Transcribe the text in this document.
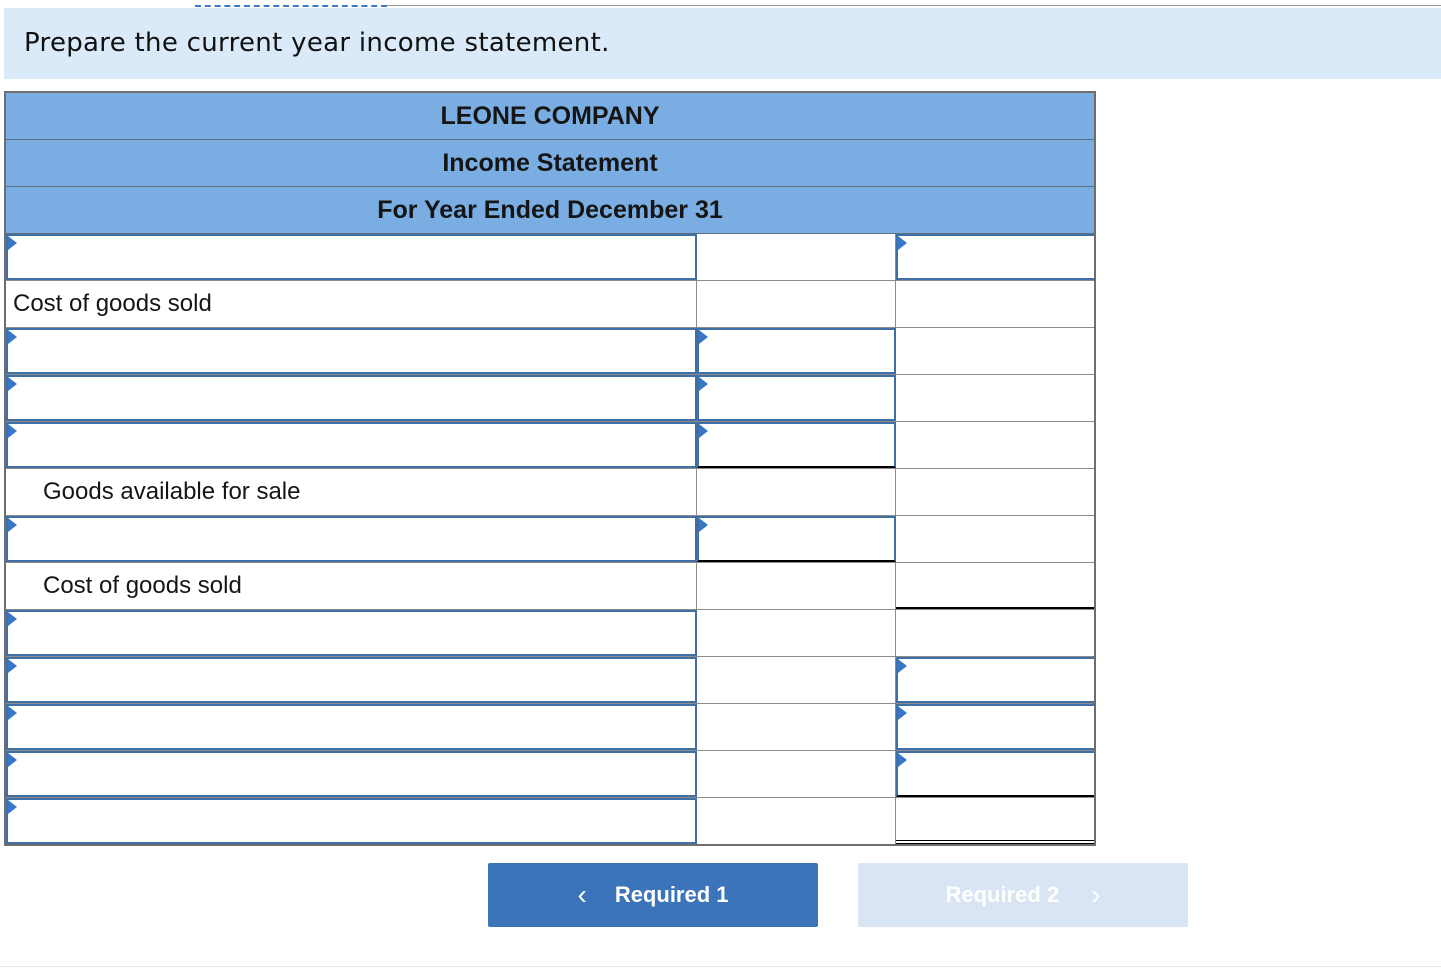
Prepare the current year income statement.
LEONE COMPANY
Income Statement
For Year Ended December 31
Cost of goods sold
Goods available for sale
Cost of goods sold
‹ Required 1	Required 2 ›
